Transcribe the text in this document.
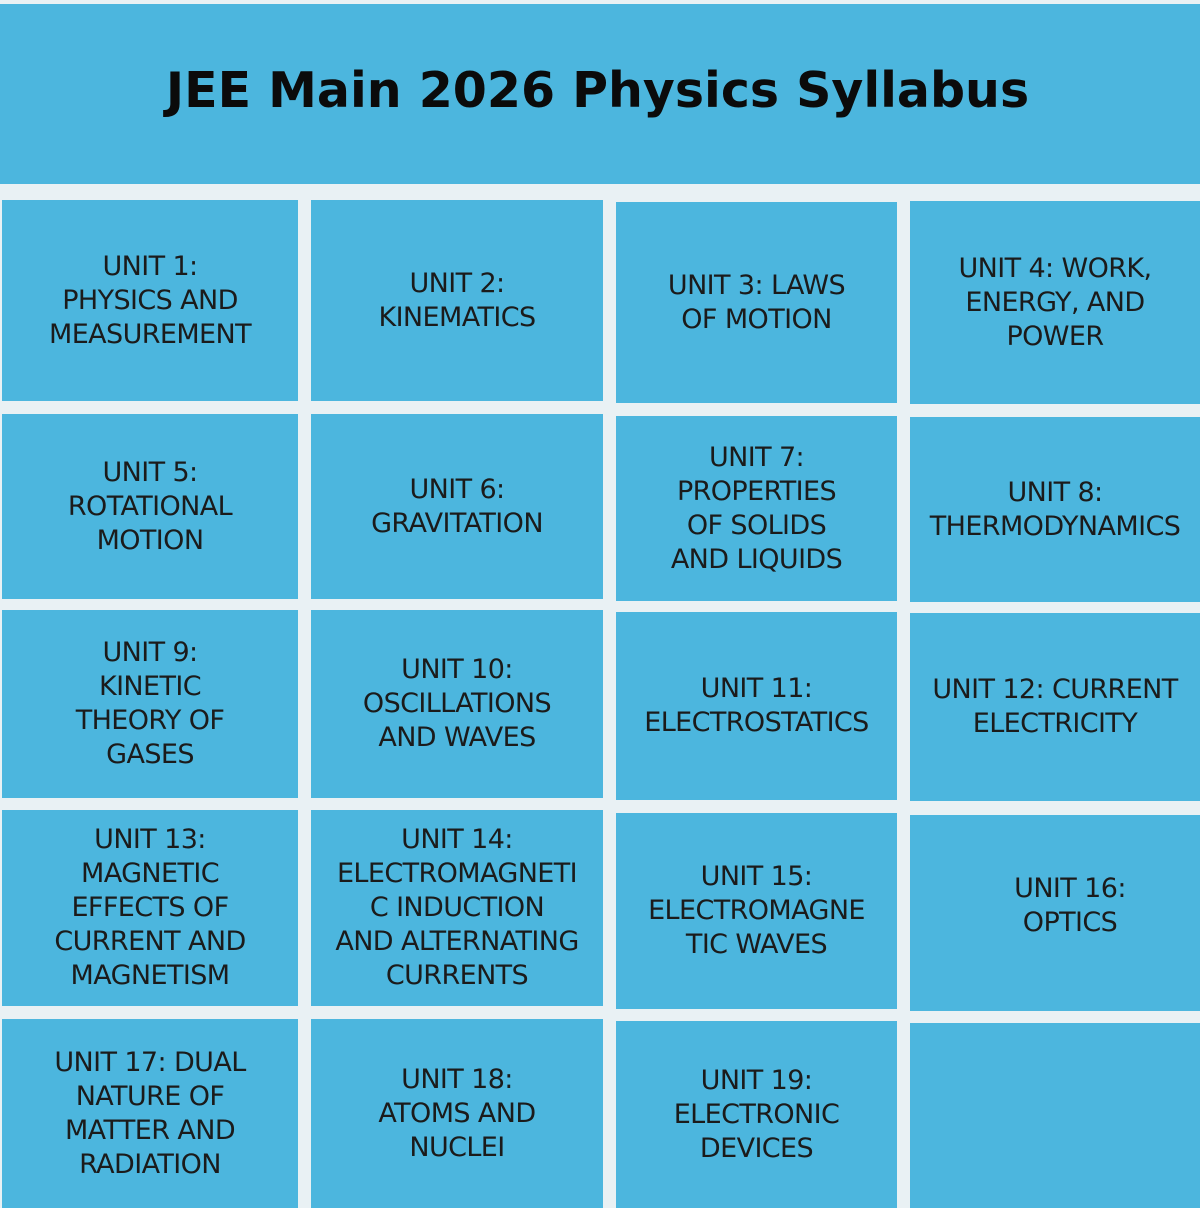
JEE Main 2026 Physics Syllabus
UNIT 1:
PHYSICS AND
MEASUREMENT
UNIT 2:
KINEMATICS
UNIT 3: LAWS
OF MOTION
UNIT 4: WORK,
ENERGY, AND
POWER
UNIT 5:
ROTATIONAL
MOTION
UNIT 6:
GRAVITATION
UNIT 7:
PROPERTIES
OF SOLIDS
AND LIQUIDS
UNIT 8:
THERMODYNAMICS
UNIT 9:
KINETIC
THEORY OF
GASES
UNIT 10:
OSCILLATIONS
AND WAVES
UNIT 11:
ELECTROSTATICS
UNIT 12: CURRENT
ELECTRICITY
UNIT 13:
MAGNETIC
EFFECTS OF
CURRENT AND
MAGNETISM
UNIT 14:
ELECTROMAGNETI
C INDUCTION
AND ALTERNATING
CURRENTS
UNIT 15:
ELECTROMAGNE
TIC WAVES
UNIT 16:
OPTICS
UNIT 17: DUAL
NATURE OF
MATTER AND
RADIATION
UNIT 18:
ATOMS AND
NUCLEI
UNIT 19:
ELECTRONIC
DEVICES
